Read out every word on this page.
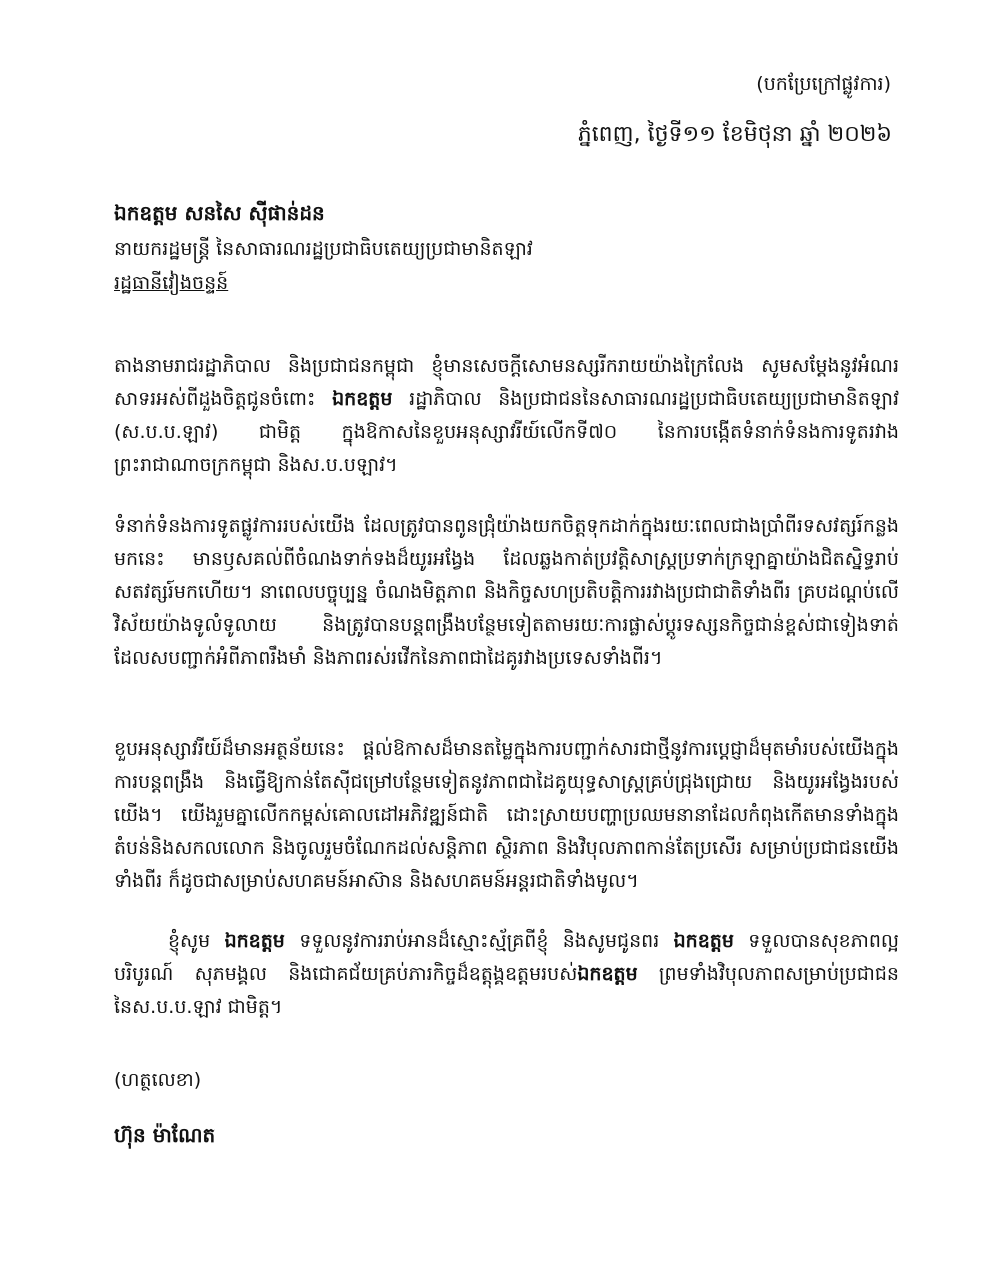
(បកប្រែក្រៅផ្លូវការ)
ភ្នំពេញ, ថ្ងៃទី១១ ខែមិថុនា ឆ្នាំ ២០២៦
ឯកឧត្តម សនសៃ ស៊ីផាន់ដន
នាយករដ្ឋមន្ត្រី នៃសាធារណរដ្ឋប្រជាធិបតេយ្យប្រជាមានិតឡាវ
រដ្ឋធានីវៀងចន្ទន៍

តាងនាមរាជរដ្ឋាភិបាល និងប្រជាជនកម្ពុជា ខ្ញុំមានសេចក្តីសោមនស្សរីករាយយ៉ាងក្រៃលែង សូមសម្តែងនូវអំណរសាទរអស់ពីដួងចិត្តជូនចំពោះ ឯកឧត្តម រដ្ឋាភិបាល និងប្រជាជននៃសាធារណរដ្ឋប្រជាធិបតេយ្យប្រជាមានិតឡាវ (ស.ប.ប.ឡាវ) ជាមិត្ត ក្នុងឱកាសនៃខួបអនុស្សាវរីយ៍លើកទី៧០ នៃការបង្កើតទំនាក់ទំនងការទូតរវាងព្រះរាជាណាចក្រកម្ពុជា និងស.ប.បឡាវ។

ទំនាក់ទំនងការទូតផ្លូវការរបស់យើង ដែលត្រូវបានពូនជ្រុំយ៉ាងយកចិត្តទុកដាក់ក្នុងរយៈពេលជាងប្រាំពីរទសវត្សរ៍កន្លងមកនេះ មានឫសគល់ពីចំណងទាក់ទងដ៏យូរអង្វែង ដែលឆ្លងកាត់ប្រវត្តិសាស្ត្រប្រទាក់ក្រឡាគ្នាយ៉ាងជិតស្និទ្ធរាប់សតវត្សរ៍មកហើយ។ នាពេលបច្ចុប្បន្ន ចំណងមិត្តភាព និងកិច្ចសហប្រតិបត្តិការរវាងប្រជាជាតិទាំងពីរ គ្របដណ្តប់លើវិស័យយ៉ាងទូលំទូលាយ និងត្រូវបានបន្តពង្រឹងបន្ថែមទៀតតាមរយៈការផ្លាស់ប្តូរទស្សនកិច្ចជាន់ខ្ពស់ជាទៀងទាត់ ដែលសបញ្ជាក់អំពីភាពរឹងមាំ និងភាពរស់រវើកនៃភាពជាដៃគូរវាងប្រទេសទាំងពីរ។

ខួបអនុស្សាវរីយ៍ដ៏មានអត្ថន័យនេះ ផ្តល់ឱកាសដ៏មានតម្លៃក្នុងការបញ្ជាក់សារជាថ្មីនូវការប្តេជ្ញាដ៏មុតមាំរបស់យើងក្នុងការបន្តពង្រឹង និងធ្វើឱ្យកាន់តែស៊ីជម្រៅបន្ថែមទៀតនូវភាពជាដៃគូយុទ្ធសាស្ត្រគ្រប់ជ្រុងជ្រោយ និងយូរអង្វែងរបស់យើង។ យើងរួមគ្នាលើកកម្ពស់គោលដៅអភិវឌ្ឍន៍ជាតិ ដោះស្រាយបញ្ហាប្រឈមនានាដែលកំពុងកើតមានទាំងក្នុងតំបន់និងសកលលោក និងចូលរួមចំណែកដល់សន្តិភាព ស្ថិរភាព និងវិបុលភាពកាន់តែប្រសើរ សម្រាប់ប្រជាជនយើងទាំងពីរ ក៏ដូចជាសម្រាប់សហគមន៍អាស៊ាន និងសហគមន៍អន្តរជាតិទាំងមូល។

ខ្ញុំសូម ឯកឧត្តម ទទួលនូវការរាប់អានដ៏ស្មោះស្ម័គ្រពីខ្ញុំ និងសូមជូនពរ ឯកឧត្តម ទទួលបានសុខភាពល្អបរិបូរណ៍ សុភមង្គល និងជោគជ័យគ្រប់ភារកិច្ចដ៏ឧត្តុង្គឧត្តមរបស់ឯកឧត្តម ព្រមទាំងវិបុលភាពសម្រាប់ប្រជាជននៃស.ប.ប.ឡាវ ជាមិត្ត។

(ហត្ថលេខា)
ហ៊ុន ម៉ាណែត
